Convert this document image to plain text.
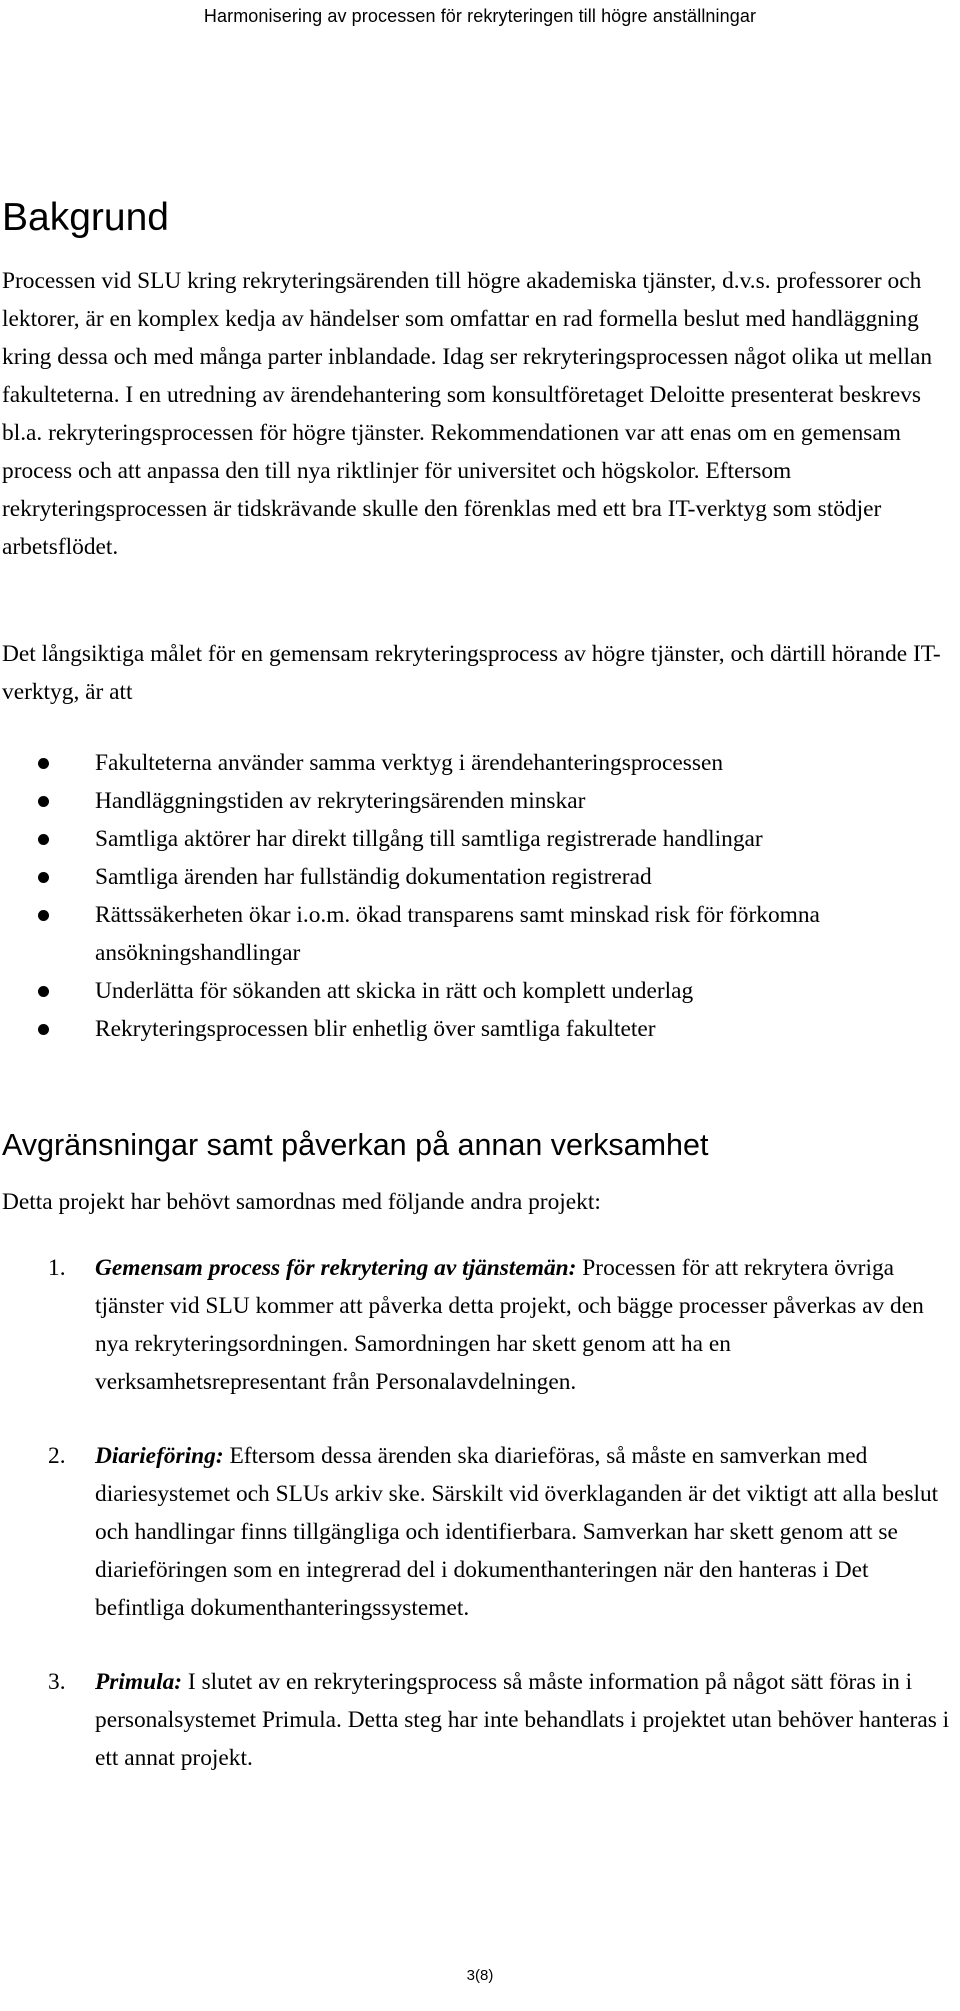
Harmonisering av processen för rekryteringen till högre anställningar
Bakgrund

Processen vid SLU kring rekryteringsärenden till högre akademiska tjänster, d.v.s. professorer och lektorer, är en komplex kedja av händelser som omfattar en rad formella beslut med handläggning kring dessa och med många parter inblandade. Idag ser rekryteringsprocessen något olika ut mellan fakulteterna. I en utredning av ärendehantering som konsultföretaget Deloitte presenterat beskrevs bl.a. rekryteringsprocessen för högre tjänster. Rekommendationen var att enas om en gemensam process och att anpassa den till nya riktlinjer för universitet och högskolor. Eftersom rekryteringsprocessen är tidskrävande skulle den förenklas med ett bra IT-verktyg som stödjer arbetsflödet.

Det långsiktiga målet för en gemensam rekryteringsprocess av högre tjänster, och därtill hörande IT-verktyg, är att

Fakulteterna använder samma verktyg i ärendehanteringsprocessen
Handläggningstiden av rekryteringsärenden minskar
Samtliga aktörer har direkt tillgång till samtliga registrerade handlingar
Samtliga ärenden har fullständig dokumentation registrerad
Rättssäkerheten ökar i.o.m. ökad transparens samt minskad risk för förkomna ansökningshandlingar
Underlätta för sökanden att skicka in rätt och komplett underlag
Rekryteringsprocessen blir enhetlig över samtliga fakulteter
Avgränsningar samt påverkan på annan verksamhet

Detta projekt har behövt samordnas med följande andra projekt:

1. Gemensam process för rekrytering av tjänstemän: Processen för att rekrytera övriga tjänster vid SLU kommer att påverka detta projekt, och bägge processer påverkas av den nya rekryteringsordningen. Samordningen har skett genom att ha en verksamhetsrepresentant från Personalavdelningen.
2. Diarieföring: Eftersom dessa ärenden ska diarieföras, så måste en samverkan med diariesystemet och SLUs arkiv ske. Särskilt vid överklaganden är det viktigt att alla beslut och handlingar finns tillgängliga och identifierbara. Samverkan har skett genom att se diarieföringen som en integrerad del i dokumenthanteringen när den hanteras i Det befintliga dokumenthanteringssystemet.
3. Primula: I slutet av en rekryteringsprocess så måste information på något sätt föras in i personalsystemet Primula. Detta steg har inte behandlats i projektet utan behöver hanteras i ett annat projekt.
3(8)
